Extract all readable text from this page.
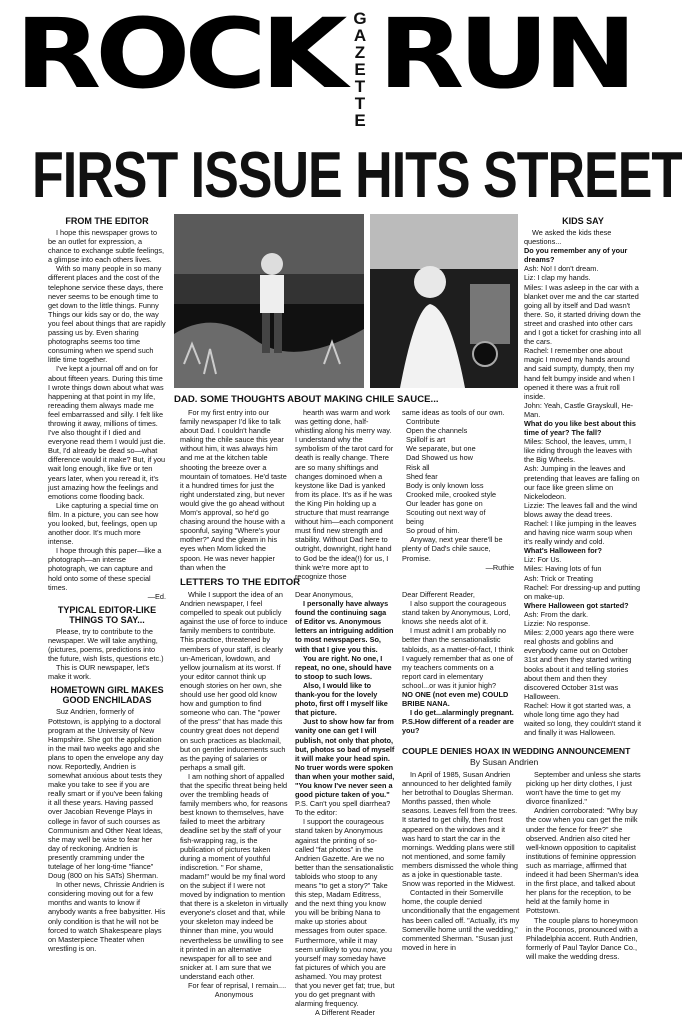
ROCK G
A
Z
E
T
T
E
RUN
FIRST ISSUE HITS STREET
FROM THE EDITOR

I hope this newspaper grows to be an outlet for expression, a chance to exchange subtle feelings, a glimpse into each others lives.

With so many people in so many different places and the cost of the telephone service these days, there never seems to be enough time to get down to the little things. Funny Things our kids say or do, the way you feel about things that are rapidly passing us by. Even sharing photographs seems too time consuming when we spend such little time together.

I've kept a journal off and on for about fifteen years. During this time I wrote things down about what was happening at that point in my life, rereading them always made me feel embarrassed and silly. I felt like throwing it away, millions of times. I've also thought if I died and everyone read them I would just die. But, I'd already be dead so—what difference would it make? But, if you wait long enough, like five or ten years later, when you reread it, it's just amazing how the feelings and emotions come flooding back.

Like capturing a special time on film. In a picture, you can see how you looked, but, feelings, open up another door. It's much more intense.

I hope through this paper—like a photograph—an intense photograph, we can capture and hold onto some of these special times.

—Ed.
TYPICAL EDITOR-LIKE THINGS TO SAY...

Please, try to contribute to the newspaper. We will take anything, (pictures, poems, predictions into the future, wish lists, questions etc.)

This is OUR newspaper, let's make it work.

HOMETOWN GIRL MAKES GOOD ENCHILADAS

Suz Andrien, formerly of Pottstown, is applying to a doctoral program at the University of New Hampshire. She got the application in the mail two weeks ago and she plans to open the envelope any day now. Reportedly, Andrien is somewhat anxious about tests they make you take to see if you are really smart or if you've been faking it all these years. Having passed over Jacobian Revenge Plays in college in favor of such courses as Communism and Other Neat Ideas, she may well be wise to fear her day of reckoning. Andrien is presently cramming under the tutelage of her long-time "fiance" Doug (800 on his SATs) Sherman.

In other news, Chrissie Andrien is considering moving out for a few months and wants to know if anybody wants a free babysitter. His only condition is that he will not be forced to watch Shakespeare plays on Masterpiece Theater when wrestling is on.

DAD. SOME THOUGHTS ABOUT MAKING CHILE SAUCE...

For my first entry into our family newspaper I'd like to talk about Dad. I couldn't handle making the chile sauce this year without him, it was always him and me at the kitchen table shooting the breeze over a mountain of tomatoes. He'd taste it a hundred times for just the right understated zing, but never would give the go ahead without Mom's approval, so he'd go chasing around the house with a spoonful, saying "Where's your mother?" And the gleam in his eyes when Mom licked the spoon. He was never happier than when the

hearth was warm and work was getting done, half-whistling along his merry way. I understand why the symbolism of the tarot card for death is really change. There are so many shiftings and changes dominoed when a keystone like Dad is yanked from its place. It's as if he was the King Pin holding up a structure that must rearrange without him—each component must find new strength and stability. Without Dad here to outright, downright, right hand to God be the idea(!) for us, I think we're more apt to recognize those

same ideas as tools of our own.
Contribute
Open the channels
Spillolf is art
We separate, but one
Dad Showed us how
Risk all
Shed fear
Body is only known loss
Crooked mile, crooked style
Our leader has gone on
Scouting out next way of
being
So proud of him.

Anyway, next year there'll be plenty of Dad's chile sauce, Promise.

—Ruthie
LETTERS TO THE EDITOR

While I support the idea of an Andrien newspaper, I feel compelled to speak out publicly against the use of force to induce family members to contribute. This practice, threatened by members of your staff, is clearly un-American, lowdown, and yellow journalism at its worst. If your editor cannot think up enough stories on her own, she should use her good old know how and gumption to find someone who can. The "power of the press" that has made this country great does not depend on such practices as blackmail, but on gentler inducements such as the paying of salaries or perhaps a small gift.

I am nothing short of appalled that the specific threat being held over the trembling heads of family members who, for reasons best known to themselves, have failed to meet the arbitrary deadline set by the staff of your fish-wrapping rag, is the publication of pictures taken during a moment of youthful indiscretion. " For shame, madam!" would be my final word on the subject if I were not moved by indignation to mention that there is a skeleton in virtually everyone's closet and that, while your skeleton may indeed be thinner than mine, you would nevertheless be unwilling to see it printed in an alternative newspaper for all to see and snicker at. I am sure that we understand each other.

For fear of reprisal, I remain....

Anonymous
Dear Anonymous,

I personally have always found the continuing saga of Editor vs. Anonymous letters an intriguing addition to most newspapers. So, with that I give you this.

You are right. No one, I repeat, no one, should have to stoop to such lows.

Also, I would like to thank-you for the lovely photo, first off I myself like that picture.

Just to show how far from vanity one can get I will publish, not only that photo, but, photos so bad of myself it will make your head spin. No truer words were spoken than when your mother said, "You know I've never seen a good picture taken of you."

P.S. Can't you spell diarrhea?
To the editor:

I support the courageous stand taken by Anonymous against the printing of so-called "fat photos" in the Andrien Gazette. Are we no better than the sensationalistic tabloids who stoop to any means "to get a story?" Take this step, Madam Editress, and the next thing you know you will be bribing Nana to make up stories about messages from outer space. Furthermore, while it may seem unlikely to you now, you yourself may someday have fat pictures of which you are ashamed. You may protest that you never get fat; true, but you do get pregnant with alarming frequency.

A Different Reader
Dear Different Reader,

I also support the courageous stand taken by Anonymous, Lord, knows she needs alot of it.

I must admit I am probably no better than the sensationalistic tabloids, as a matter-of-fact, I think I vaguely remember that as one of my teachers comments on a report card in elementary school...or was it junior high?

NO ONE (not even me) COULD BRIBE NANA.

I do get...alarmingly pregnant.

P.S.How different of a reader are you?
KIDS SAY

We asked the kids these questions...

Do you remember any of your dreams?
Ash: No! I don't dream.
Liz: I clap my hands.
Miles: I was asleep in the car with a blanket over me and the car started going all by itself and Dad wasn't there. So, it started driving down the street and crashed into other cars and I got a ticket for crashing into all the cars.
Rachel: I remember one about magic I moved my hands around and said sumpty, dumpty, then my hand felt bumpy inside and when I opened it there was a fruit roll inside.
John: Yeah, Castle Grayskull, He-Man.
What do you like best about this time of year? The fall?
Miles: School, the leaves, umm, I like riding through the leaves with the Big Wheels.
Ash: Jumping in the leaves and pretending that leaves are falling on our face like green slime on Nickelodeon.
Lizzie: The leaves fall and the wind blows away the dead trees.
Rachel: I like jumping in the leaves and having nice warm soup when it's really windy and cold.
What's Halloween for?
Liz: For Us.
Miles: Having lots of fun
Ash: Trick or Treating
Rachel: For dressing-up and putting on make-up.
Where Halloween got started?
Ash: From the dark.
Lizzie: No response.
Miles: 2,000 years ago there were real ghosts and goblins and everybody came out on October 31st and then they started writing books about it and telling stories about them and then they discovered October 31st was Halloween.
Rachel: How it got started was, a whole long time ago they had waited so long, they couldn't stand it and finally it was Halloween.
COUPLE DENIES HOAX IN WEDDING ANNOUNCEMENT
By Susan Andrien

In April of 1985, Susan Andrien announced to her delighted family her betrothal to Douglas Sherman. Months passed, then whole seasons. Leaves fell from the trees. It started to get chilly, then frost appeared on the windows and it was hard to start the car in the mornings. Wedding plans were still not mentioned, and some family members dismissed the whole thing as a joke in questionable taste. Snow was reported in the Midwest.

Contacted in their Somerville home, the couple denied unconditionally that the engagement has been called off. "Actually, it's my Somerville home until the wedding," commented Sherman. "Susan just moved in here in

September and unless she starts picking up her dirty clothes, I just won't have the time to get my divorce finanlized."

Andrien corroborated: "Why buy the cow when you can get the milk under the fence for free?" she observed. Andrien also cited her well-known opposition to capitalist institutions of feminine oppression such as marriage, affirmed that indeed it had been Sherman's idea in the first place, and talked about her plans for the reception, to be held at the family home in Pottstown.

The couple plans to honeymoon in the Poconos, pronounced with a Philadelphia accent. Ruth Andrien, formerly of Paul Taylor Dance Co., will make the wedding dress.
